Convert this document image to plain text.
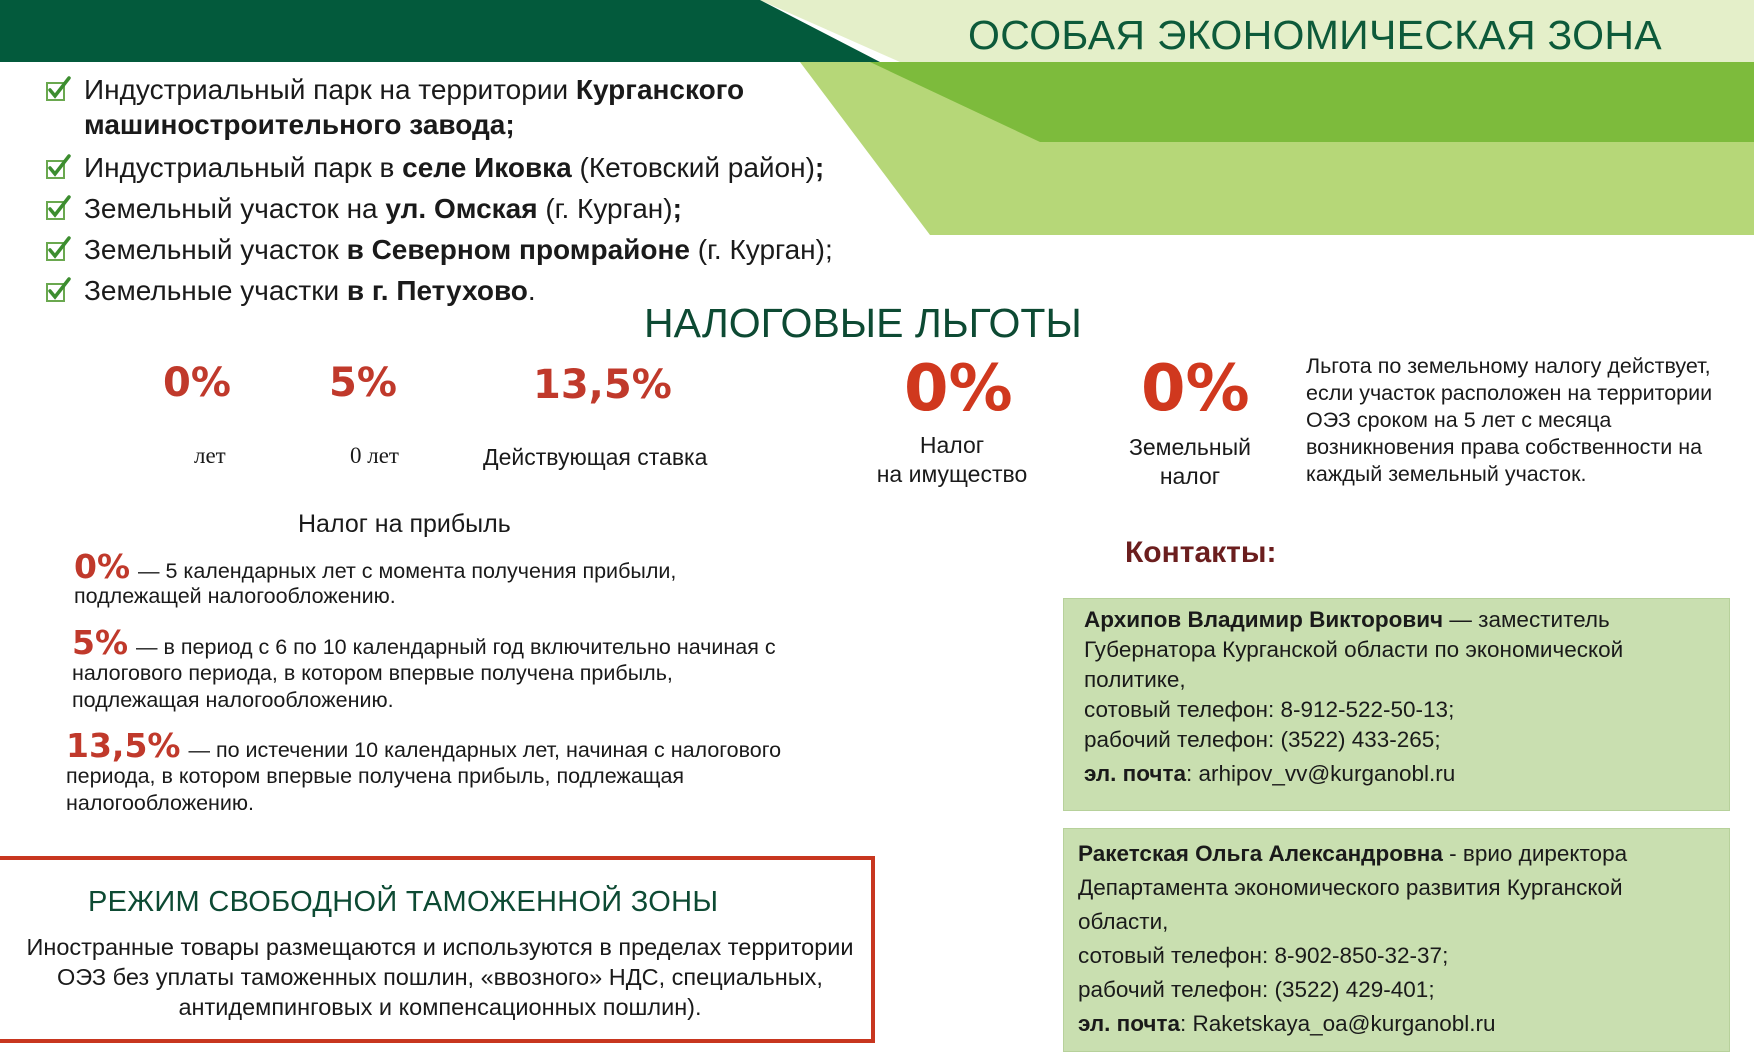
ОСОБАЯ ЭКОНОМИЧЕСКАЯ ЗОНА
Индустриальный парк на территории Курганского
машиностроительного завода;
Индустриальный парк в селе Иковка (Кетовский район);
Земельный участок на ул. Омская (г. Курган);
Земельный участок в Северном промрайоне (г. Курган);
Земельные участки в г. Петухово.
НАЛОГОВЫЕ ЛЬГОТЫ
0%
лет
5%
0 лет
13,5%
Действующая ставка
0%
Налог
на имущество
0%
Земельный
налог
Льгота по земельному налогу действует, если участок расположен на территории ОЭЗ сроком на 5 лет с месяца возникновения права собственности на каждый земельный участок.
Налог на прибыль
0% — 5 календарных лет с момента получения прибыли,
подлежащей налогообложению.
5% — в период с 6 по 10 календарный год включительно начиная с
налогового периода, в котором впервые получена прибыль, подлежащая налогообложению.
13,5% — по истечении 10 календарных лет, начиная с налогового
периода, в котором впервые получена прибыль, подлежащая налогообложению.
Контакты:
Архипов Владимир Викторович — заместитель Губернатора Курганской области по экономической политике,
сотовый телефон: 8-912-522-50-13;
рабочий телефон: (3522) 433-265;
эл. почта: arhipov_vv@kurganobl.ru
Ракетская Ольга Александровна - врио директора Департамента экономического развития Курганской области,
сотовый телефон: 8-902-850-32-37;
рабочий телефон: (3522) 429-401;
эл. почта: Raketskaya_oa@kurganobl.ru
РЕЖИМ СВОБОДНОЙ ТАМОЖЕННОЙ ЗОНЫ
Иностранные товары размещаются и используются в пределах территории ОЭЗ без уплаты таможенных пошлин, «ввозного» НДС, специальных, антидемпинговых и компенсационных пошлин).
